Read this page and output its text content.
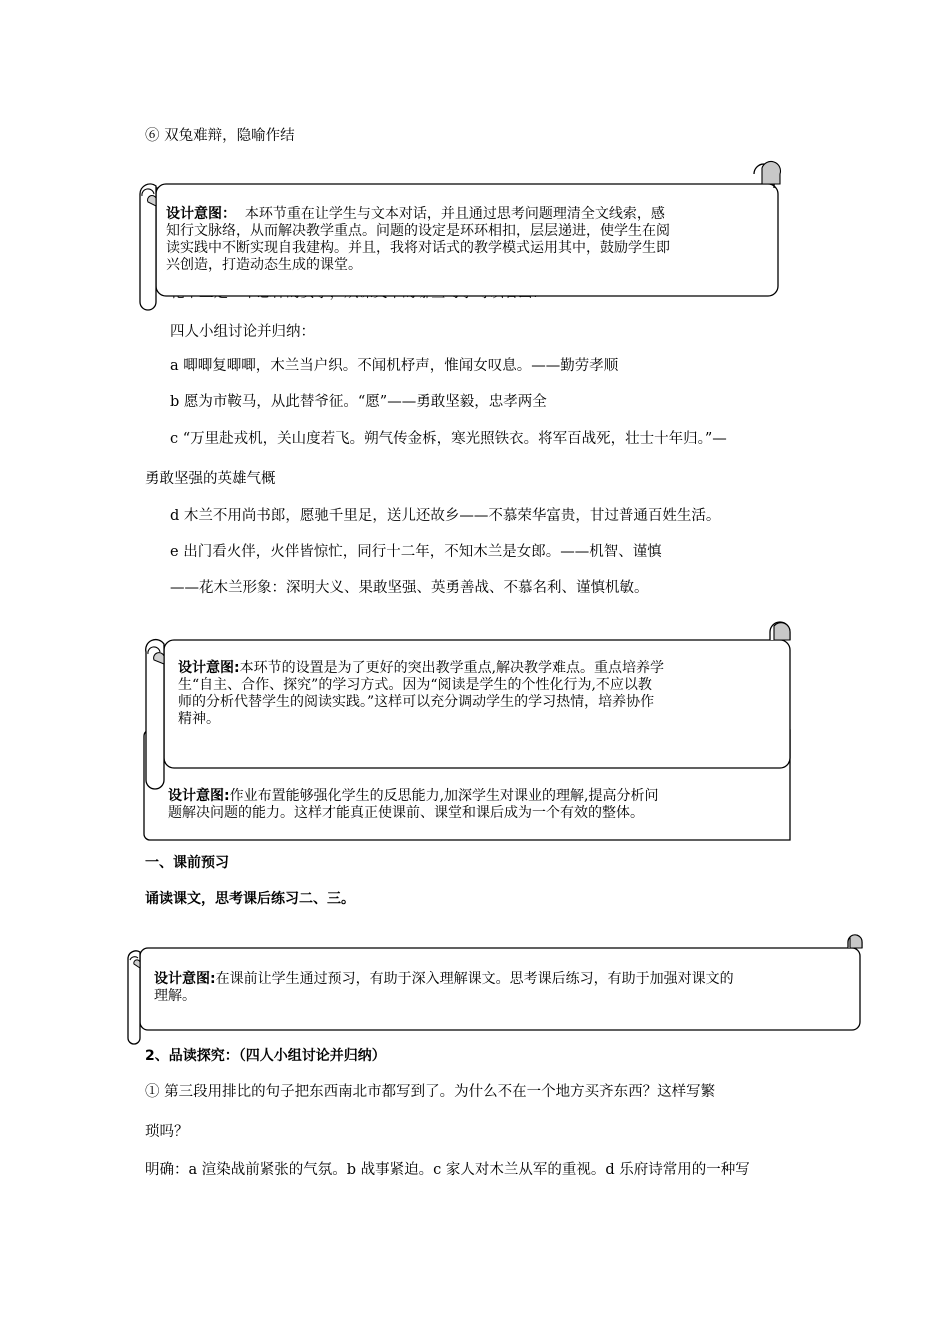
⑥ 双兔难辩，隐喻作结
设计意图： 本环节重在让学生与文本对话，并且通过思考问题理清全文线索，感
知行文脉络，从而解决教学重点。问题的设定是环环相扣，层层递进，使学生在阅
读实践中不断实现自我建构。并且，我将对话式的教学模式运用其中，鼓励学生即
兴创造，打造动态生成的课堂。
四人小组讨论并归纳：
a 唧唧复唧唧，木兰当户织。不闻机杼声，惟闻女叹息。——勤劳孝顺
b 愿为市鞍马，从此替爷征。“愿”——勇敢坚毅，忠孝两全
c “万里赴戎机，关山度若飞。朔气传金柝，寒光照铁衣。将军百战死，壮士十年归。”—
勇敢坚强的英雄气概
d 木兰不用尚书郎，愿驰千里足，送儿还故乡——不慕荣华富贵，甘过普通百姓生活。
e 出门看火伴，火伴皆惊忙，同行十二年，不知木兰是女郎。——机智、谨慎
——花木兰形象：深明大义、果敢坚强、英勇善战、不慕名利、谨慎机敏。
设计意图:作业布置能够强化学生的反思能力,加深学生对课业的理解,提高分析问
题解决问题的能力。这样才能真正使课前、课堂和课后成为一个有效的整体。
设计意图:本环节的设置是为了更好的突出教学重点,解决教学难点。重点培养学
生“自主、合作、探究”的学习方式。因为“阅读是学生的个性化行为,不应以教
师的分析代替学生的阅读实践。”这样可以充分调动学生的学习热情，培养协作
精神。
一、课前预习
诵读课文，思考课后练习二、三。
设计意图:在课前让学生通过预习，有助于深入理解课文。思考课后练习，有助于加强对课文的
理解。
2、品读探究：（四人小组讨论并归纳）
① 第三段用排比的句子把东西南北市都写到了。为什么不在一个地方买齐东西？这样写繁
琐吗？
明确：a 渲染战前紧张的气氛。b 战事紧迫。c 家人对木兰从军的重视。d 乐府诗常用的一种写
